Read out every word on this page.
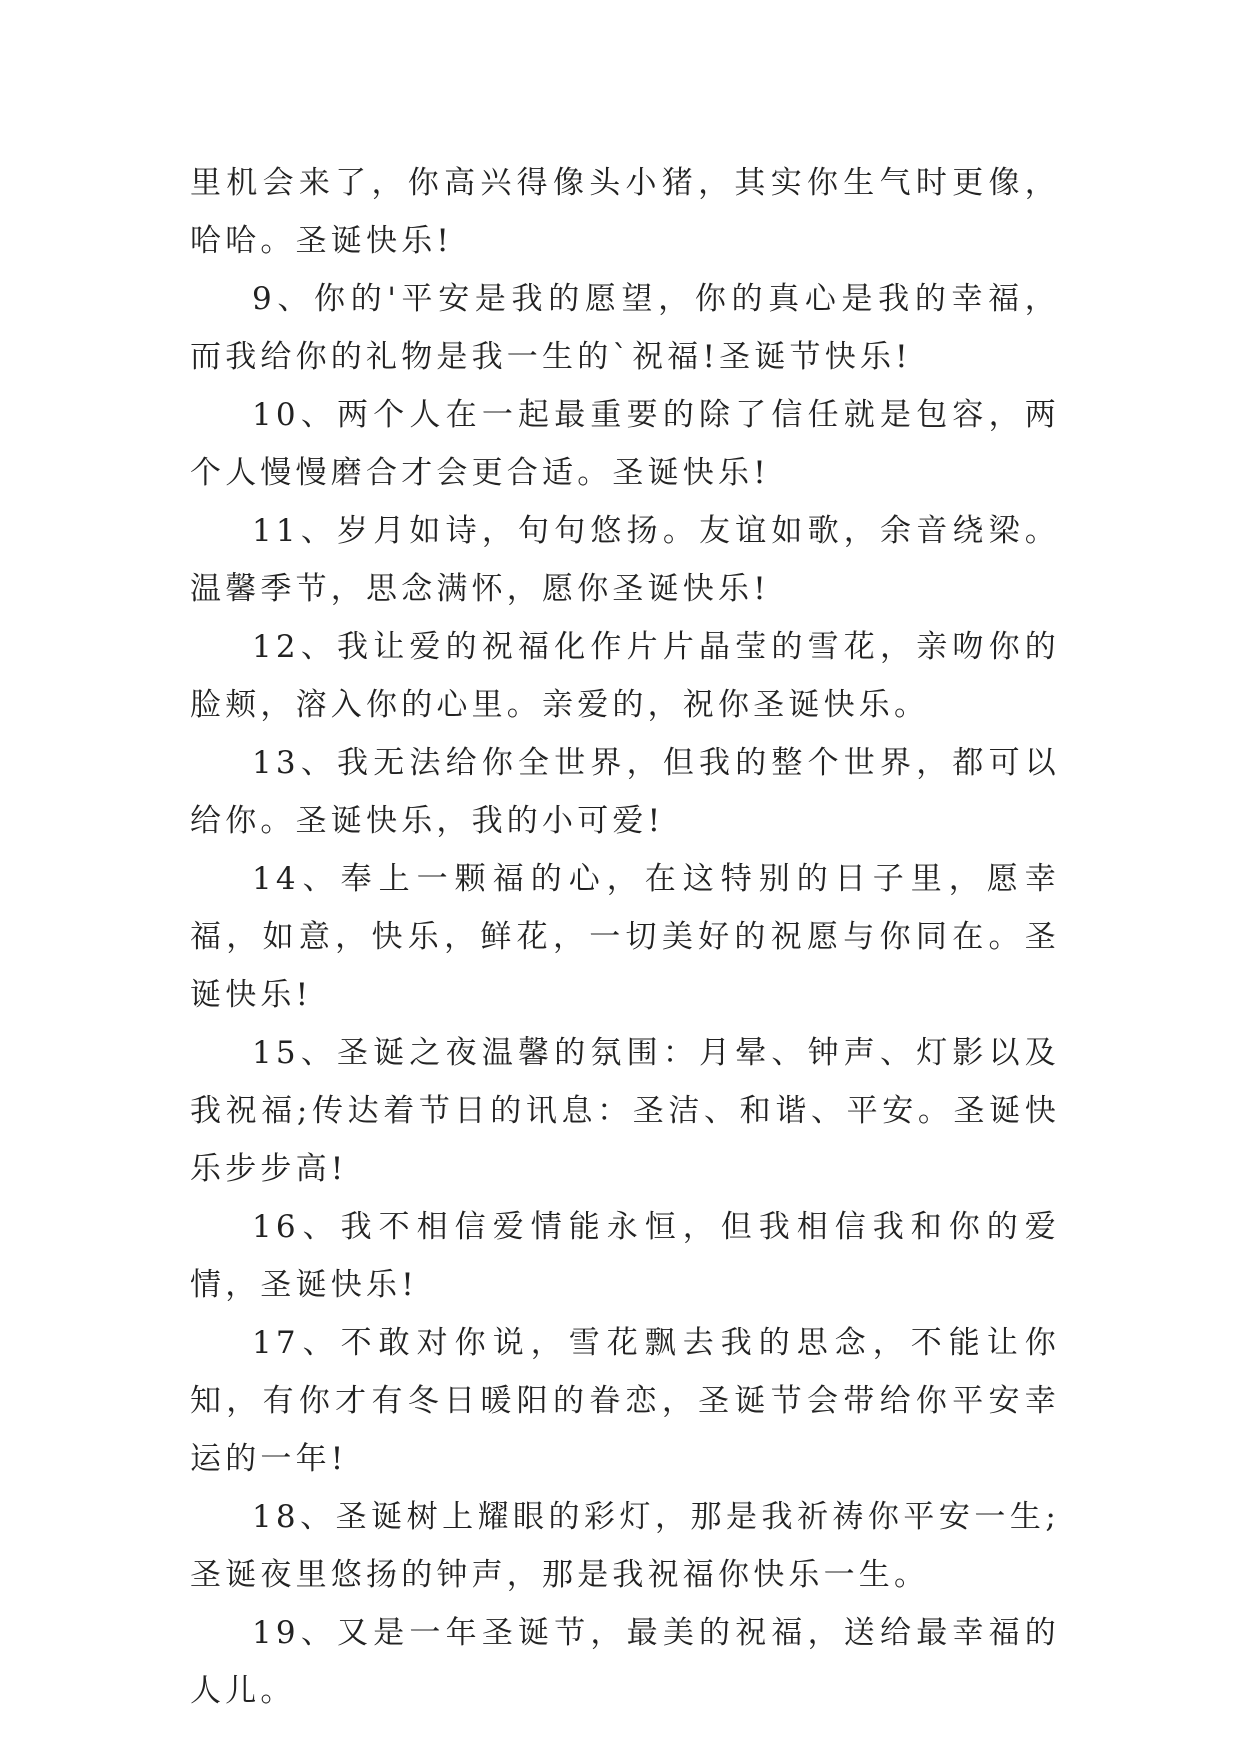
里机会来了，你高兴得像头小猪，其实你生气时更像，哈哈。圣诞快乐!

9、你的'平安是我的愿望，你的真心是我的幸福，而我给你的礼物是我一生的`祝福!圣诞节快乐!

10、两个人在一起最重要的除了信任就是包容，两个人慢慢磨合才会更合适。圣诞快乐!

11、岁月如诗，句句悠扬。友谊如歌，余音绕梁。温馨季节，思念满怀，愿你圣诞快乐!

12、我让爱的祝福化作片片晶莹的雪花，亲吻你的脸颊，溶入你的心里。亲爱的，祝你圣诞快乐。

13、我无法给你全世界，但我的整个世界，都可以给你。圣诞快乐，我的小可爱!

14、奉上一颗福的心，在这特别的日子里，愿幸福，如意，快乐，鲜花，一切美好的祝愿与你同在。圣诞快乐!

15、圣诞之夜温馨的氛围：月晕、钟声、灯影以及我祝福;传达着节日的讯息：圣洁、和谐、平安。圣诞快乐步步高!

16、我不相信爱情能永恒，但我相信我和你的爱情，圣诞快乐!

17、不敢对你说，雪花飘去我的思念，不能让你知，有你才有冬日暖阳的眷恋，圣诞节会带给你平安幸运的一年!

18、圣诞树上耀眼的彩灯，那是我祈祷你平安一生;圣诞夜里悠扬的钟声，那是我祝福你快乐一生。

19、又是一年圣诞节，最美的祝福，送给最幸福的人儿。
